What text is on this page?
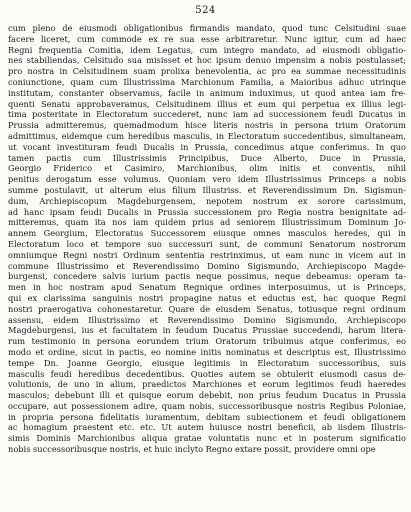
524
cum pleno de eiusmodi obligationibus firmandis mandato, quod tunc Celsitudini suae
facere liceret, cum commode ex re sua esse arbitraretur. Nunc igitur, cum ad haec
Regni frequentia Comitia, idem Legatus, cum integro mandato, ad eiusmodi obligatio-
nes stabiliendas, Celsitudo sua misisset et hoc ipsum denuo impensim a nobis postulasset;
pro nostra in Celsitudinem suam prolixa benevolentia, ac pro ea summae necessitudinis
coniunctione, quam cum Illustrissima Marchionum Familia, a Maioribus adhuc utrinque
institutam, constanter observamus, facile in animum induximus, ut quod antea iam fre-
quenti Senatu approbaveramus, Celsitudinem illius et eum qui perpetua ex illius legi-
tima posteritate in Electoratum succederet, nunc iam ad successionem feudi Ducatus in
Prussia admitteremus, quemadmodum hisce literis nostris in persona trium Oratorum
admittimus, eidemque cum heredibus masculis, in Electoratum succedentibus, simultaneam,
ut vocant investituram feudi Ducalis in Prussia, concedimus atque conferimus. In quo
tamen pactis cum Illustrissimis Principibus, Duce Alberto, Duce in Prussia,
Georgio Friderico et Casimiro, Marchionibus, olim initis et conventis, nihil
penitus derogatum esse volumus. Quoniam vero idem Illustrissimus Princeps a nobis
summe postulavit, ut alterum eius filium Illustriss. et Reverendissimum Dn. Sigismun-
dum, Archiepiscopum Magdeburgensem, nepotem nostrum ex sorore carissimum,
ad hanc ipsam feudi Ducalis in Prussia successionem pro Regia nostra benignitate ad-
mitteremus, quam ita nos iam quidem prius ad seniorem Illustrissimum Dominum Jo-
annem Georgium, Electoratus Successorem eiusque omnes masculos heredes, qui in
Electoratum loco et tempore suo successuri sunt, de communi Senatorum nostrorum
omniumque Regni nostri Ordinum sententia restrinximus, ut eam nunc in vicem aut in
commune Illustrissimo et Reverendissimo Domino Sigismundo, Archiepiscopo Magde-
burgensi, concedere salvis iurium pactis neque possimus, neque debeamus: operam ta-
men in hoc nostram apud Senatum Regnique ordines interposuimus, ut is Princeps,
qui ex clarissima sanguinis nostri propagine natus et eductus est, hac quoque Regni
nostri praerogativa cohonestaretur. Quare de eiusdem Senatus, totiusque regni ordinum
assensu, eidem Illustrissimo et Reverendissimo Domino Sigismundo, Archiepiscopo
Magdeburgensi, ius et facultatem in feudum Ducatus Prussiae succedendi, harum litera-
rum testimonio in persona eorundem trium Oratorum tribuimus atque conferimus, eo
modo et ordine, sicut in pactis, eo nomine initis nominatus et descriptus est, Illustrissimo
tempe Dn. Joanne Georgio, eiusque legitimis in Electoratum successoribus, suis
masculis feudi heredibus decedentibus. Quoties autem se obtulerit eiusmodi casus de-
volutionis, de uno in alium, praedictos Marchiones et eorum legitimos feudi haeredes
masculos; debebunt illi et quisque eorum debebit, non prius feudum Ducatus in Prussia
occupare, aut possessionem adire, quam nobis, successoribusque nostris Regibus Poloniae,
in propria persona fidelitatis iuramentum, debitam subiectionem et feudi obligationem
ac homagium praestent etc. etc. Ut autem huiusce nostri beneficii, ab iisdem Illustris-
simis Dominis Marchionibus aliqua gratae voluntatis nunc et in posterum significatio
nobis successoribusque nostris, et huic inclyto Regno extare possit, providere omni ope
